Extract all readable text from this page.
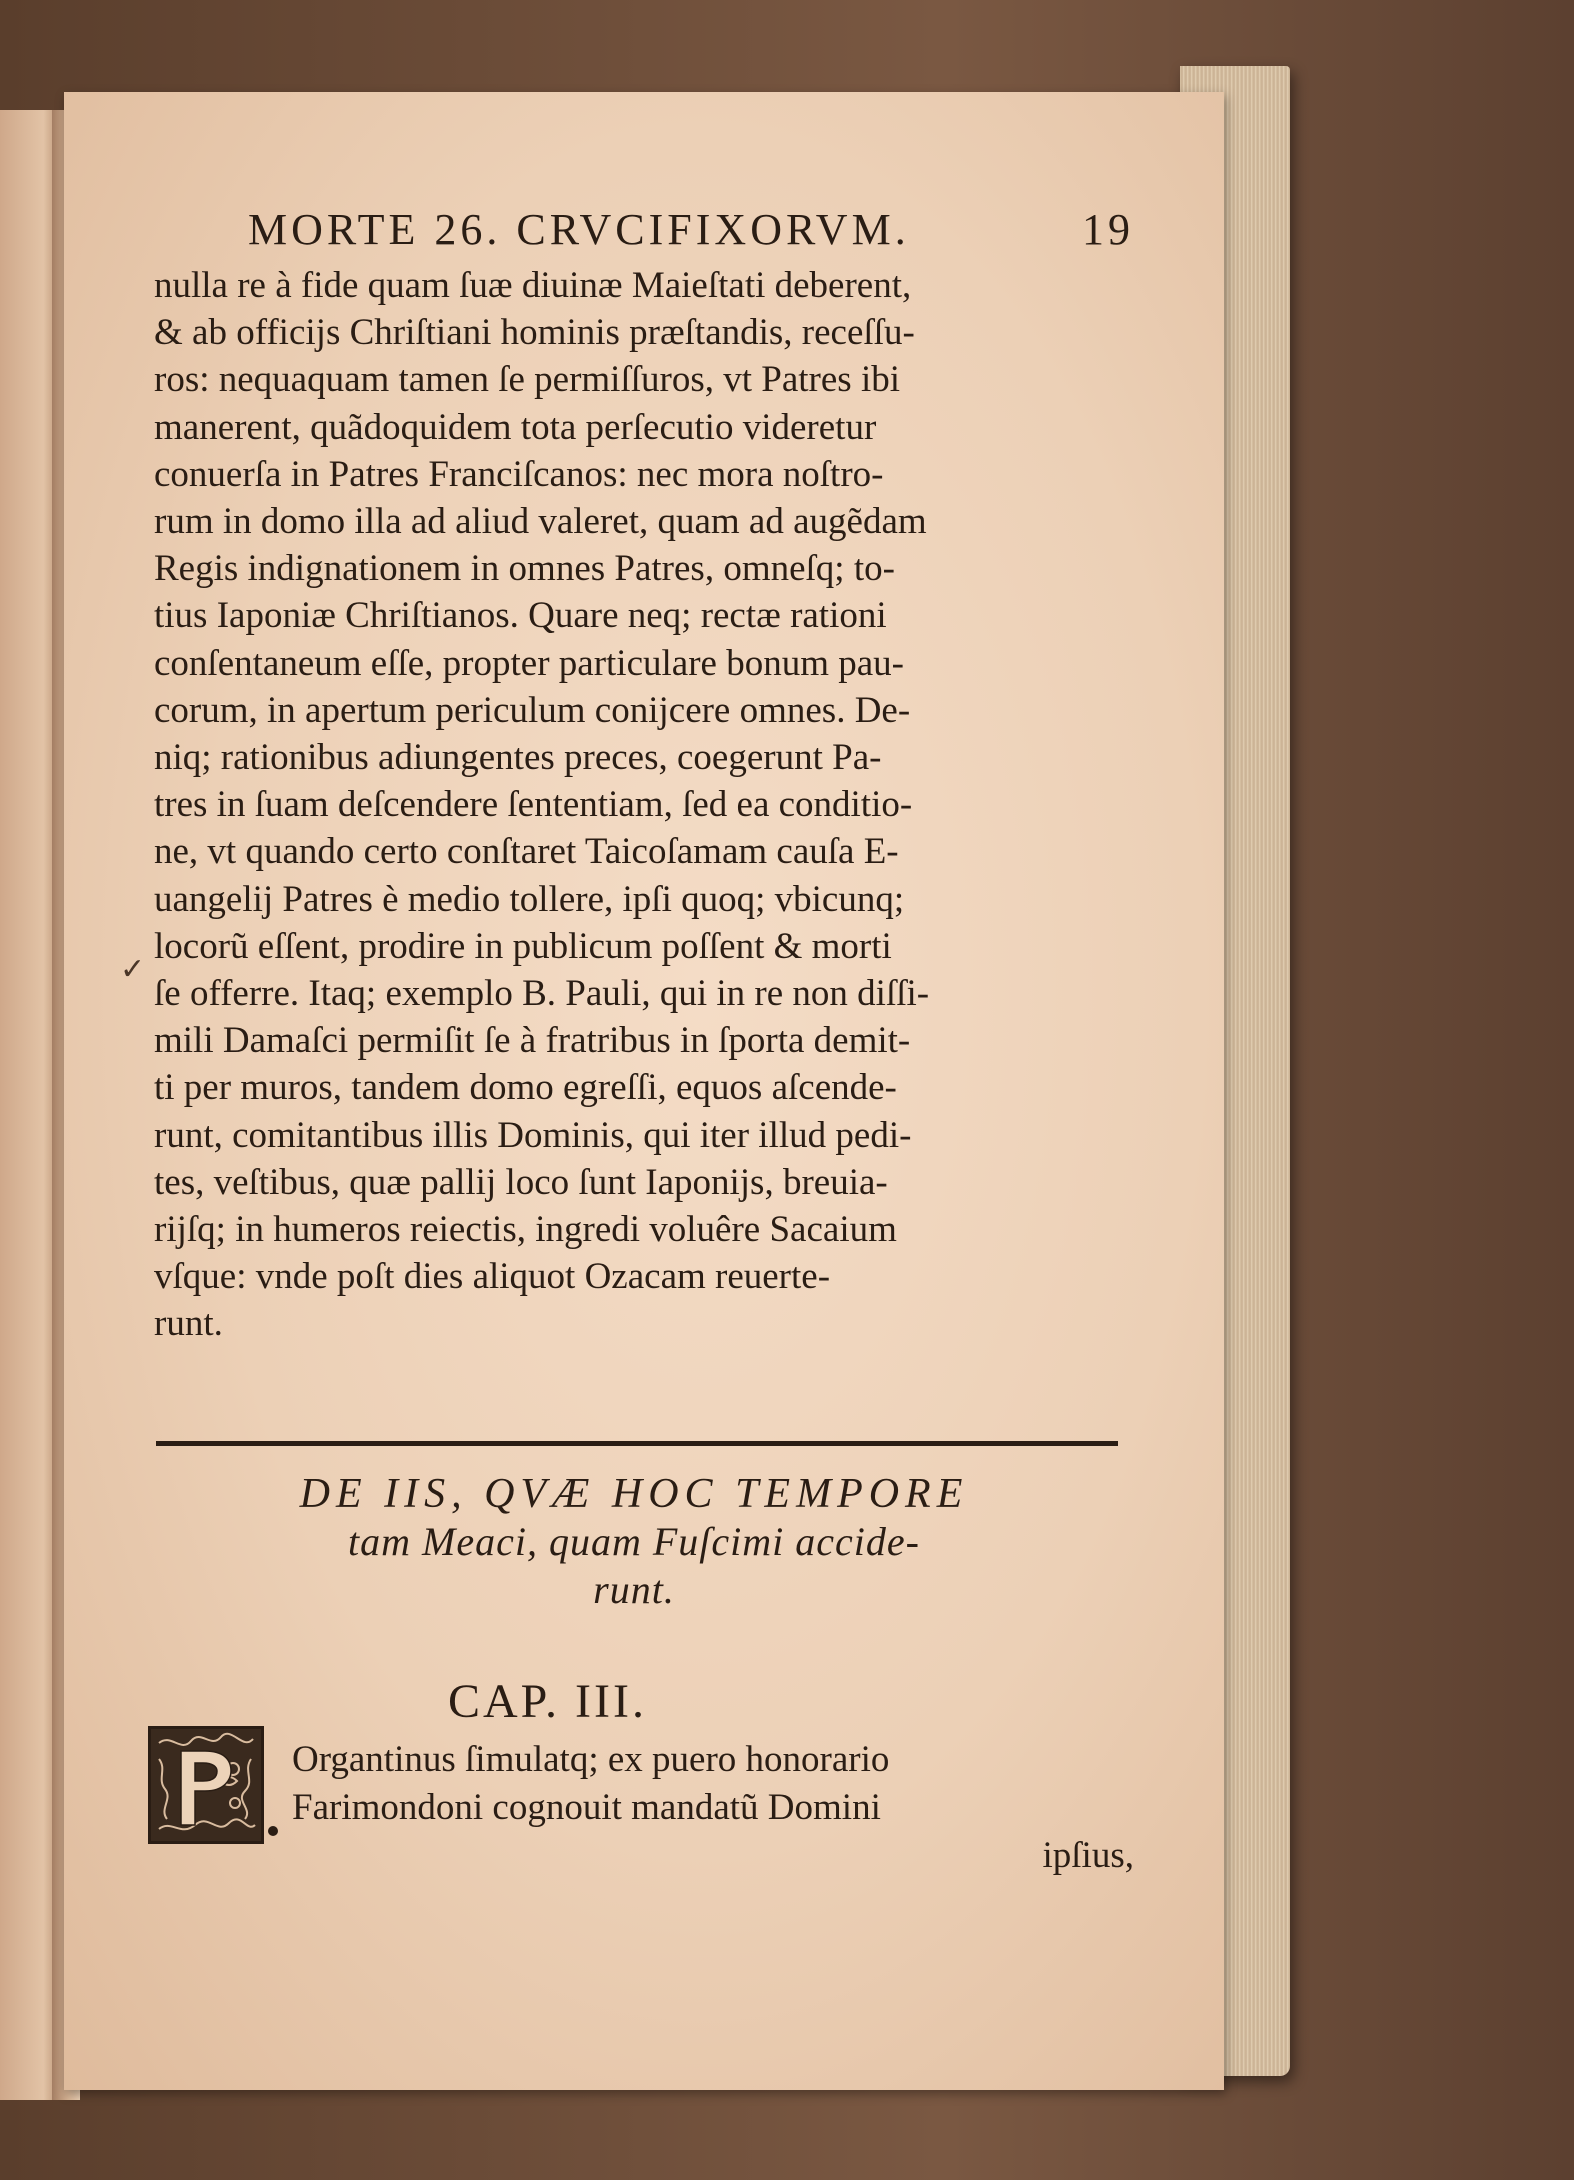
MORTE 26. CRVCIFIXORVM.	19
✓
nulla re à fide quam ſuæ diuinæ Maieſtati deberent,
& ab officijs Chriſtiani hominis præſtandis, receſſu-
ros: nequaquam tamen ſe permiſſuros, vt Patres ibi
manerent, quãdoquidem tota perſecutio videretur
conuerſa in Patres Franciſcanos: nec mora noſtro-
rum in domo illa ad aliud valeret, quam ad augẽdam
Regis indignationem in omnes Patres, omneſq; to-
tius Iaponiæ Chriſtianos. Quare neq; rectæ rationi
conſentaneum eſſe, propter particulare bonum pau-
corum, in apertum periculum conijcere omnes. De-
niq; rationibus adiungentes preces, coegerunt Pa-
tres in ſuam deſcendere ſententiam, ſed ea conditio-
ne, vt quando certo conſtaret Taicoſamam cauſa E-
uangelij Patres è medio tollere, ipſi quoq; vbicunq;
locorũ eſſent, prodire in publicum poſſent & morti
ſe offerre. Itaq; exemplo B. Pauli, qui in re non diſſi-
mili Damaſci permiſit ſe à fratribus in ſporta demit-
ti per muros, tandem domo egreſſi, equos aſcende-
runt, comitantibus illis Dominis, qui iter illud pedi-
tes, veſtibus, quæ pallij loco ſunt Iaponijs, breuia-
rijſq; in humeros reiectis, ingredi voluêre Sacaium
vſque: vnde poſt dies aliquot Ozacam reuerte-
runt.
DE IIS, QVÆ HOC TEMPORE
tam Meaci, quam Fuſcimi accide-
runt.
CAP. III.
Organtinus ſimulatq; ex puero honorario
Farimondoni cognouit mandatũ Domini
ipſius,
